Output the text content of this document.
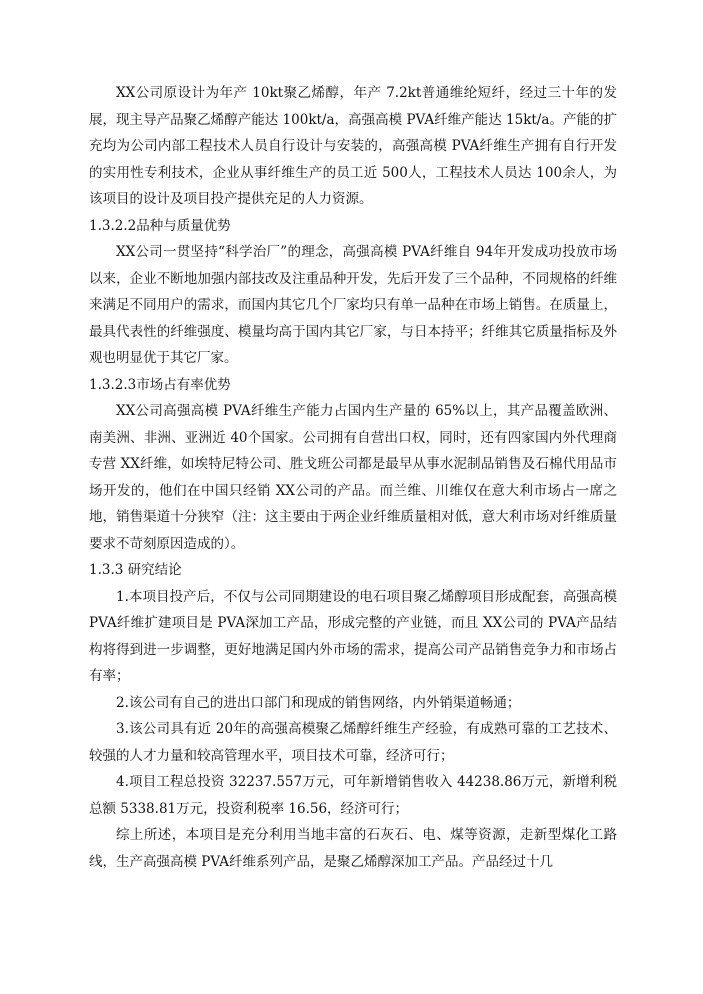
XX公司原设计为年产 10kt聚乙烯醇，年产 7.2kt普通维纶短纤，经过三十年的发展，现主导产品聚乙烯醇产能达 100kt/a，高强高模 PVA纤维产能达 15kt/a。产能的扩充均为公司内部工程技术人员自行设计与安装的，高强高模 PVA纤维生产拥有自行开发的实用性专利技术，企业从事纤维生产的员工近 500人，工程技术人员达 100余人，为该项目的设计及项目投产提供充足的人力资源。

1.3.2.2品种与质量优势

XX公司一贯坚持“科学治厂”的理念，高强高模 PVA纤维自 94年开发成功投放市场以来，企业不断地加强内部技改及注重品种开发，先后开发了三个品种，不同规格的纤维来满足不同用户的需求，而国内其它几个厂家均只有单一品种在市场上销售。在质量上，最具代表性的纤维强度、模量均高于国内其它厂家，与日本持平；纤维其它质量指标及外观也明显优于其它厂家。

1.3.2.3市场占有率优势

XX公司高强高模 PVA纤维生产能力占国内生产量的 65%以上，其产品覆盖欧洲、南美洲、非洲、亚洲近 40个国家。公司拥有自营出口权，同时，还有四家国内外代理商专营 XX纤维，如埃特尼特公司、胜戈班公司都是最早从事水泥制品销售及石棉代用品市场开发的，他们在中国只经销 XX公司的产品。而兰维、川维仅在意大利市场占一席之地，销售渠道十分狭窄（注：这主要由于两企业纤维质量相对低，意大利市场对纤维质量要求不苛刻原因造成的）。

1.3.3 研究结论

1.本项目投产后，不仅与公司同期建设的电石项目聚乙烯醇项目形成配套，高强高模 PVA纤维扩建项目是 PVA深加工产品，形成完整的产业链，而且 XX公司的 PVA产品结构将得到进一步调整，更好地满足国内外市场的需求，提高公司产品销售竞争力和市场占有率；

2.该公司有自己的进出口部门和现成的销售网络，内外销渠道畅通；

3.该公司具有近 20年的高强高模聚乙烯醇纤维生产经验，有成熟可靠的工艺技术、较强的人才力量和较高管理水平，项目技术可靠，经济可行；

4.项目工程总投资 32237.557万元，可年新增销售收入 44238.86万元，新增利税总额 5338.81万元，投资利税率 16.56，经济可行；

综上所述，本项目是充分利用当地丰富的石灰石、电、煤等资源，走新型煤化工路线，生产高强高模 PVA纤维系列产品，是聚乙烯醇深加工产品。产品经过十几
